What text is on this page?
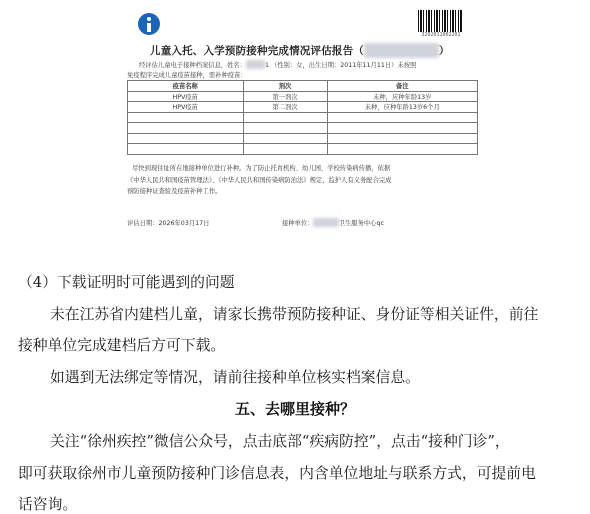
3202011002201
儿童入托、入学预防接种完成情况评估报告（	）
经评估儿童电子接种档案信息，姓名：	1 （性别：女，出生日期：2011年11月11日）未按照
免疫程序完成儿童疫苗接种，需补种疫苗：
疫苗名称	剂次	备注
HPV疫苗	第一剂次	未种，应种年龄13岁
HPV疫苗	第二剂次	未种，应种年龄13岁6个月

尽快到现住址所在地接种单位进行补种。为了防止托育机构、幼儿园、学校传染病传播，依据
《中华人民共和国疫苗管理法》、《中华人民共和国传染病防治法》规定，监护人有义务配合完成
预防接种证查验及疫苗补种工作。
评估日期：2026年03月17日	接种单位：	卫生服务中心qc
（4）下载证明时可能遇到的问题
未在江苏省内建档儿童，请家长携带预防接种证、身份证等相关证件，前往
接种单位完成建档后方可下载。
如遇到无法绑定等情况，请前往接种单位核实档案信息。
五、去哪里接种？
关注“徐州疾控”微信公众号，点击底部“疾病防控”，点击“接种门诊”，
即可获取徐州市儿童预防接种门诊信息表，内含单位地址与联系方式，可提前电
话咨询。
